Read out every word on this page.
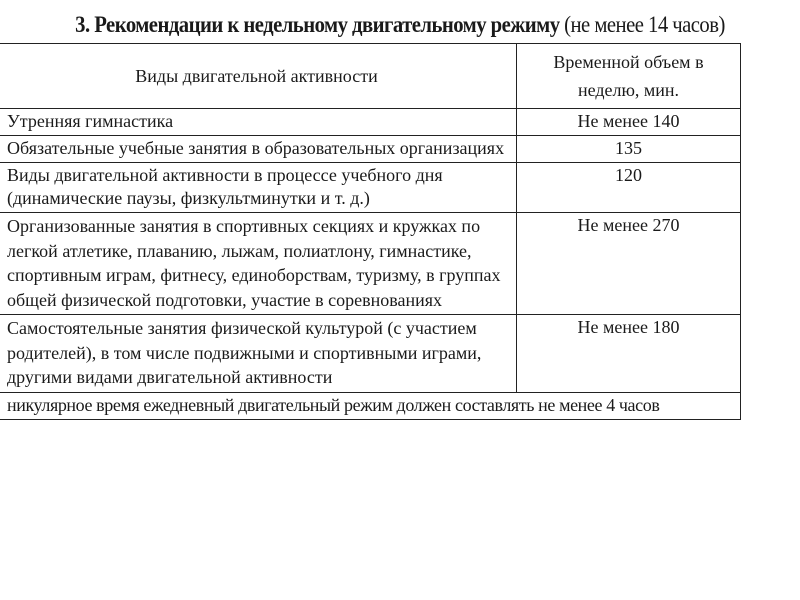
3. Рекомендации к недельному двигательному режиму (не менее 14 часов)
Виды двигательной активности	Временной объем в неделю, мин.
Утренняя гимнастика	Не менее 140
Обязательные учебные занятия в образовательных организациях	135
Виды двигательной активности в процессе учебного дня (динамические паузы, физкультминутки и т. д.)	120
Организованные занятия в спортивных секциях и кружках по легкой атлетике, плаванию, лыжам, полиатлону, гимнастике, спортивным играм, фитнесу, единоборствам, туризму, в группах общей физической подготовки, участие в соревнованиях	Не менее 270
Самостоятельные занятия физической культурой (с участием родителей), в том числе подвижными и спортивными играми, другими видами двигательной активности	Не менее 180
никулярное время ежедневный двигательный режим должен составлять не менее 4 часов	
